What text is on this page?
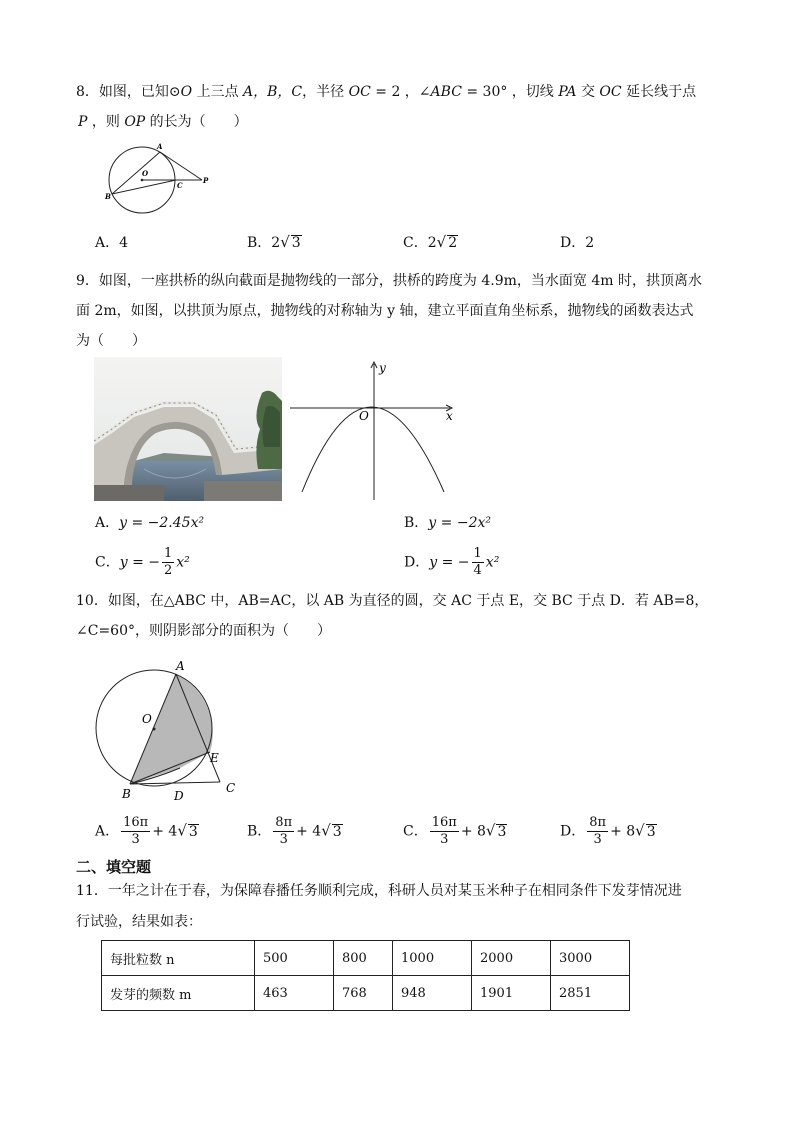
8．如图，已知⊙O 上三点 A，B，C，半径 OC = 2 ，∠ABC = 30° ，切线 PA 交 OC 延长线于点
P ，则 OP 的长为（　　）
A
O
C
P
B
A．4	B．2√ 3	C．2√ 2	D．2
9．如图，一座拱桥的纵向截面是抛物线的一部分，拱桥的跨度为 4.9m，当水面宽 4m 时，拱顶离水
面 2m，如图，以拱顶为原点，抛物线的对称轴为 y 轴，建立平面直角坐标系，抛物线的函数表达式
为（　　）
y
x
O
A．y = −2.45x²	B．y = −2x²
C．y = − $\frac{1}{2} x^2$	D．y = − $\frac{1}{4} x^2$
10．如图，在△ABC 中，AB=AC，以 AB 为直径的圆，交 AC 于点 E，交 BC 于点 D．若 AB=8，
∠C=60°，则阴影部分的面积为（　　）
A
O
E
B	D
C
A． $\frac{16\pi}{3} + 4√$ 3	B． $\frac{8\pi}{3} + 4√$ 3	C． $\frac{16\pi}{3} + 8√$ 3	D． $\frac{8\pi}{3} + 8√$ 3
二、填空题
11．一年之计在于春，为保障春播任务顺利完成，科研人员对某玉米种子在相同条件下发芽情况进
行试验，结果如表：
每批粒数 n	500	800	1000	2000	3000
发芽的频数 m	463	768	948	1901	2851
